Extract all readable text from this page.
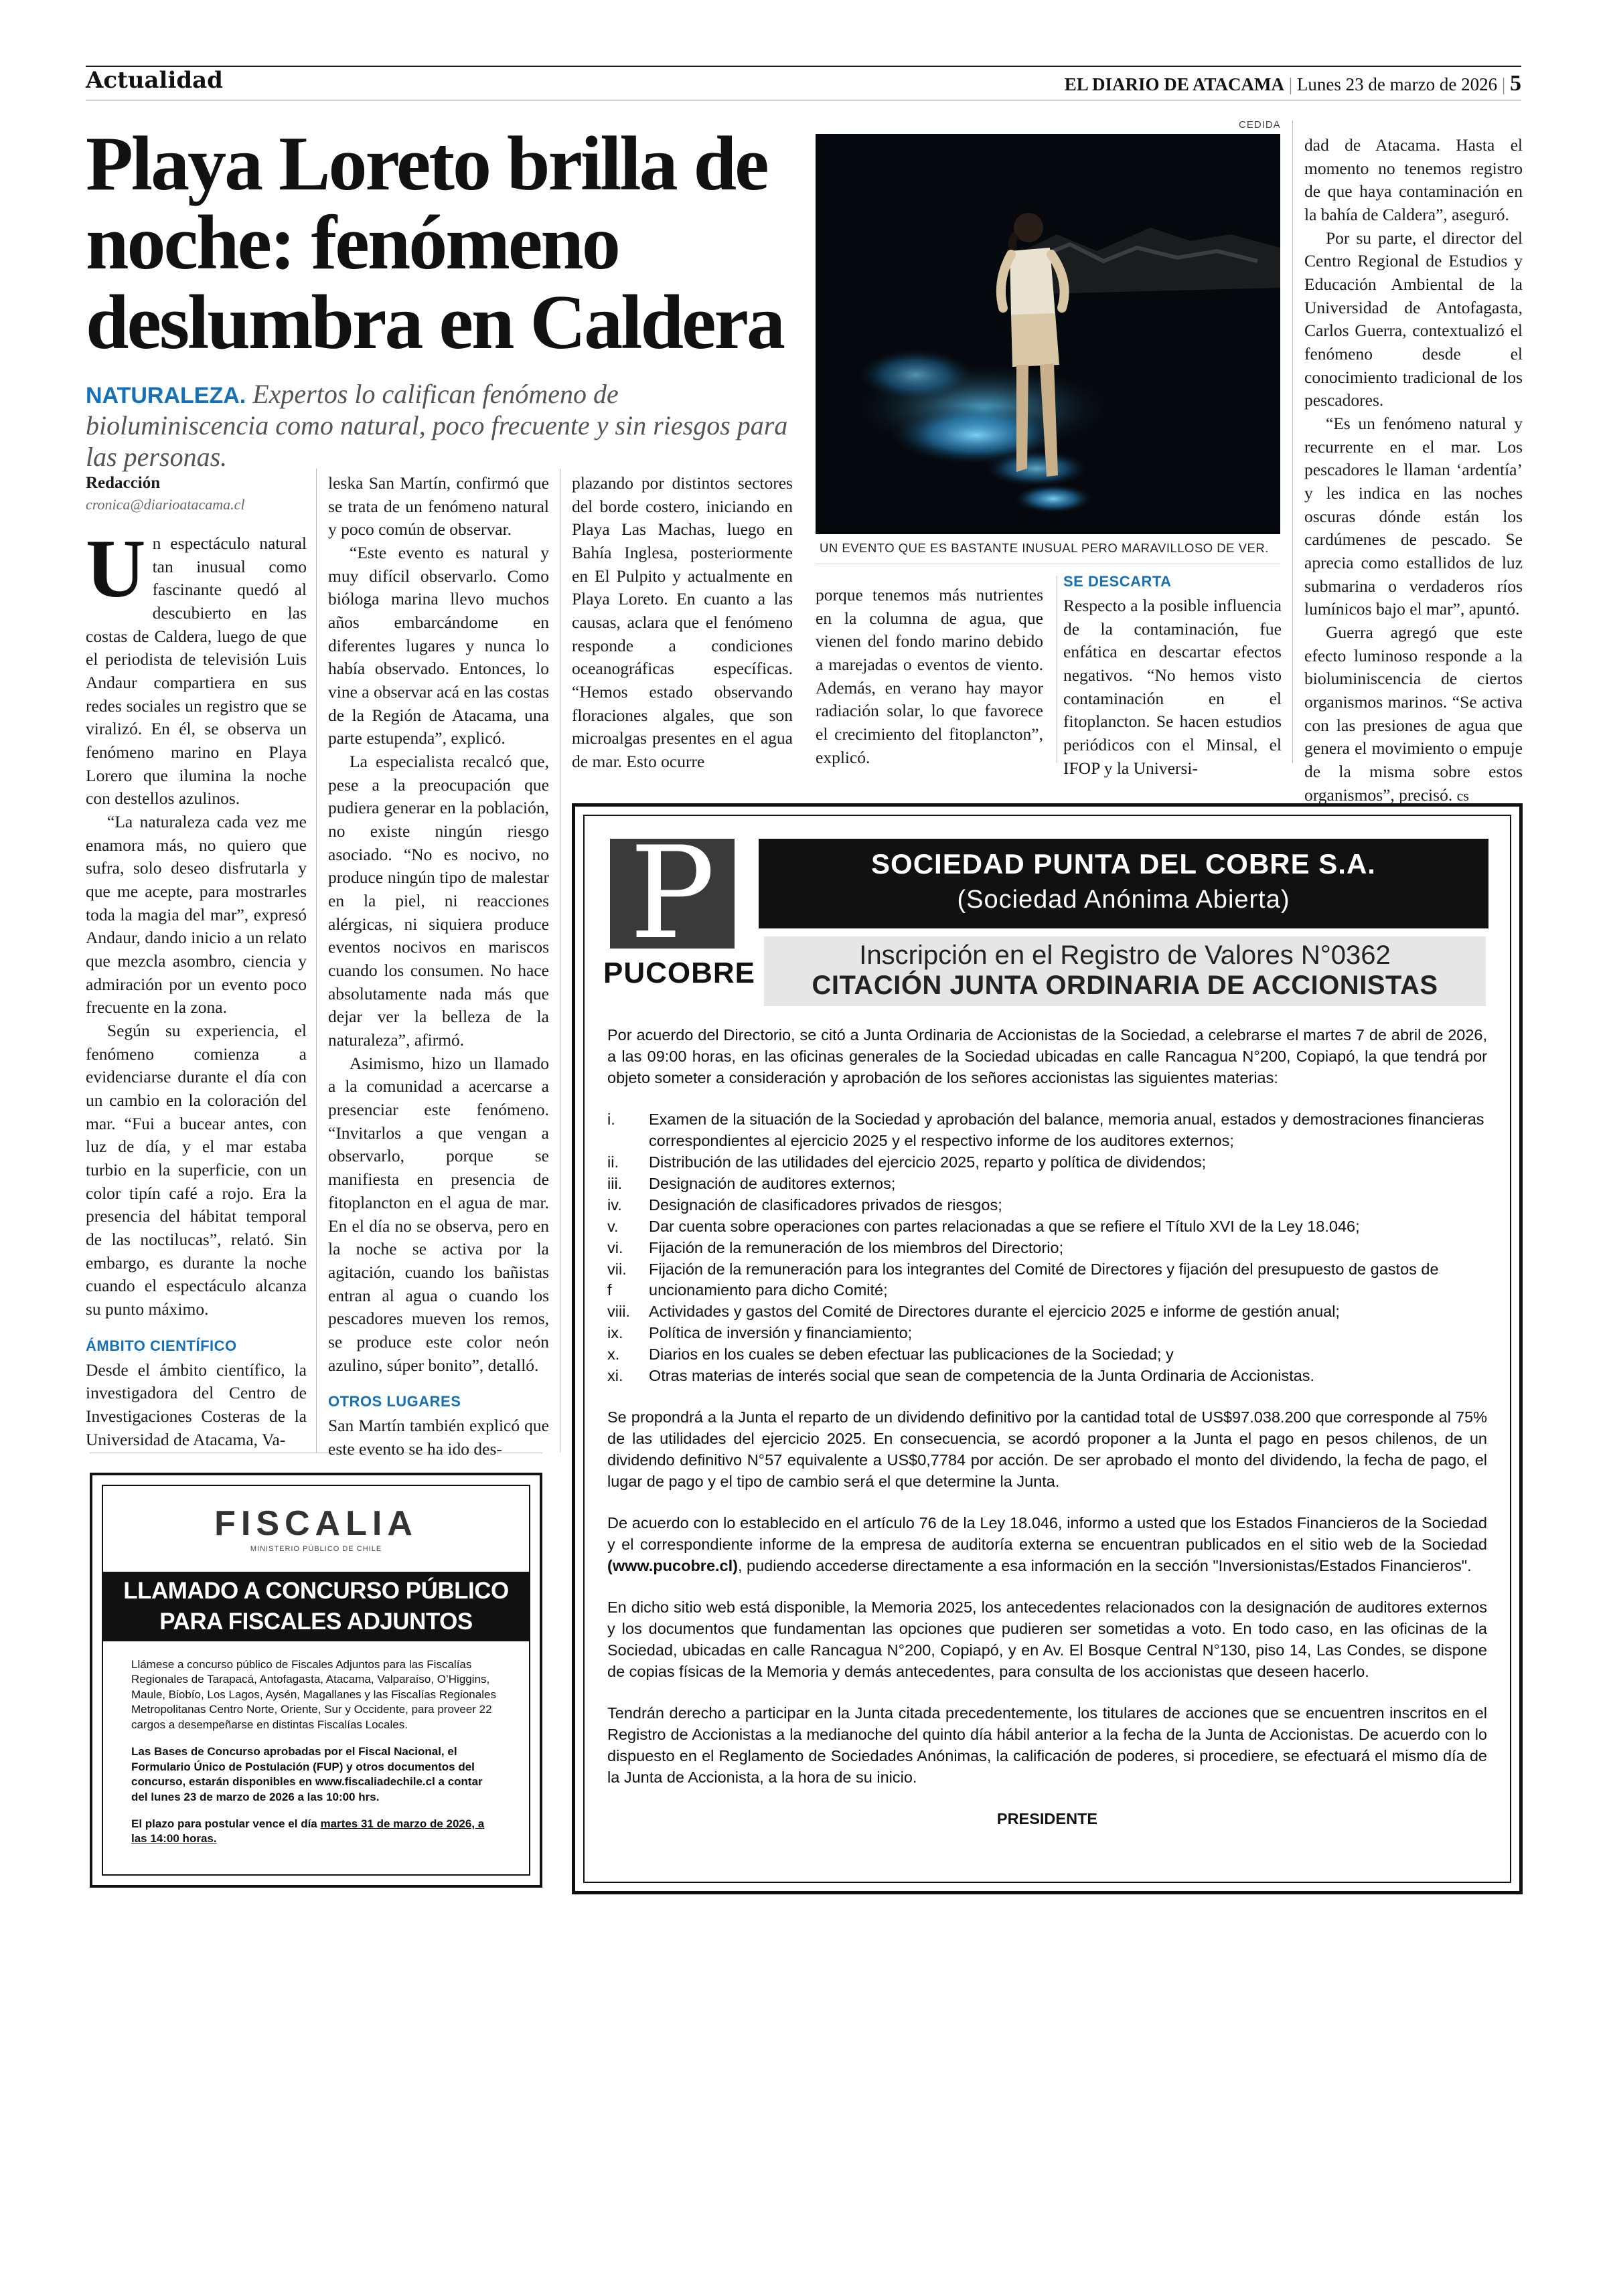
Actualidad	EL DIARIO DE ATACAMA | Lunes 23 de marzo de 2026 | 5
Playa Loreto brilla de noche: fenómeno deslumbra en Caldera
NATURALEZA. Expertos lo califican fenómeno de bioluminiscencia como natural, poco frecuente y sin riesgos para las personas.
CEDIDA
UN EVENTO QUE ES BASTANTE INUSUAL PERO MARAVILLOSO DE VER.
Redacción
cronica@diarioatacama.cl

Un espectáculo natural tan inusual como fascinante quedó al descubierto en las costas de Caldera, luego de que el periodista de televisión Luis Andaur compartiera en sus redes sociales un registro que se viralizó. En él, se observa un fenómeno marino en Playa Lorero que ilumina la noche con destellos azulinos.

“La naturaleza cada vez me enamora más, no quiero que sufra, solo deseo disfrutarla y que me acepte, para mostrarles toda la magia del mar”, expresó Andaur, dando inicio a un relato que mezcla asombro, ciencia y admiración por un evento poco frecuente en la zona.

Según su experiencia, el fenómeno comienza a evidenciarse durante el día con un cambio en la coloración del mar. “Fui a bucear antes, con luz de día, y el mar estaba turbio en la superficie, con un color tipín café a rojo. Era la presencia del hábitat temporal de las noctilucas”, relató. Sin embargo, es durante la noche cuando el espectáculo alcanza su punto máximo.

ÁMBITO CIENTÍFICO

Desde el ámbito científico, la investigadora del Centro de Investigaciones Costeras de la Universidad de Atacama, Va-

leska San Martín, confirmó que se trata de un fenómeno natural y poco común de observar.

“Este evento es natural y muy difícil observarlo. Como bióloga marina llevo muchos años embarcándome en diferentes lugares y nunca lo había observado. Entonces, lo vine a observar acá en las costas de la Región de Atacama, una parte estupenda”, explicó.

La especialista recalcó que, pese a la preocupación que pudiera generar en la población, no existe ningún riesgo asociado. “No es nocivo, no produce ningún tipo de malestar en la piel, ni reacciones alérgicas, ni siquiera produce eventos nocivos en mariscos cuando los consumen. No hace absolutamente nada más que dejar ver la belleza de la naturaleza”, afirmó.

Asimismo, hizo un llamado a la comunidad a acercarse a presenciar este fenómeno. “Invitarlos a que vengan a observarlo, porque se manifiesta en presencia de fitoplancton en el agua de mar. En el día no se observa, pero en la noche se activa por la agitación, cuando los bañistas entran al agua o cuando los pescadores mueven los remos, se produce este color neón azulino, súper bonito”, detalló.

OTROS LUGARES

San Martín también explicó que este evento se ha ido des-

plazando por distintos sectores del borde costero, iniciando en Playa Las Machas, luego en Bahía Inglesa, posteriormente en El Pulpito y actualmente en Playa Loreto. En cuanto a las causas, aclara que el fenómeno responde a condiciones oceanográficas específicas. “Hemos estado observando floraciones algales, que son microalgas presentes en el agua de mar. Esto ocurre

porque tenemos más nutrientes en la columna de agua, que vienen del fondo marino debido a marejadas o eventos de viento. Además, en verano hay mayor radiación solar, lo que favorece el crecimiento del fitoplancton”, explicó.

SE DESCARTA

Respecto a la posible influencia de la contaminación, fue enfática en descartar efectos negativos. “No hemos visto contaminación en el fitoplancton. Se hacen estudios periódicos con el Minsal, el IFOP y la Universi-

dad de Atacama. Hasta el momento no tenemos registro de que haya contaminación en la bahía de Caldera”, aseguró.

Por su parte, el director del Centro Regional de Estudios y Educación Ambiental de la Universidad de Antofagasta, Carlos Guerra, contextualizó el fenómeno desde el conocimiento tradicional de los pescadores.

“Es un fenómeno natural y recurrente en el mar. Los pescadores le llaman ‘ardentía’ y les indica en las noches oscuras dónde están los cardúmenes de pescado. Se aprecia como estallidos de luz submarina o verdaderos ríos lumínicos bajo el mar”, apuntó.

Guerra agregó que este efecto luminoso responde a la bioluminiscencia de ciertos organismos marinos. “Se activa con las presiones de agua que genera el movimiento o empuje de la misma sobre estos organismos”, precisó. cs

FISCALIA
MINISTERIO PÚBLICO DE CHILE
LLAMADO A CONCURSO PÚBLICO
PARA FISCALES ADJUNTOS

Llámese a concurso público de Fiscales Adjuntos para las Fiscalías Regionales de Tarapacá, Antofagasta, Atacama, Valparaíso, O’Higgins, Maule, Biobío, Los Lagos, Aysén, Magallanes y las Fiscalías Regionales Metropolitanas Centro Norte, Oriente, Sur y Occidente, para proveer 22 cargos a desempeñarse en distintas Fiscalías Locales.

Las Bases de Concurso aprobadas por el Fiscal Nacional, el Formulario Único de Postulación (FUP) y otros documentos del concurso, estarán disponibles en www.fiscaliadechile.cl a contar del lunes 23 de marzo de 2026 a las 10:00 hrs.

El plazo para postular vence el día martes 31 de marzo de 2026, a las 14:00 horas.

P
PUCOBRE
SOCIEDAD PUNTA DEL COBRE S.A.
(Sociedad Anónima Abierta)
Inscripción en el Registro de Valores N°0362
CITACIÓN JUNTA ORDINARIA DE ACCIONISTAS

Por acuerdo del Directorio, se citó a Junta Ordinaria de Accionistas de la Sociedad, a celebrarse el martes 7 de abril de 2026, a las 09:00 horas, en las oficinas generales de la Sociedad ubicadas en calle Rancagua N°200, Copiapó, la que tendrá por objeto someter a consideración y aprobación de los señores accionistas las siguientes materias:

i.	Examen de la situación de la Sociedad y aprobación del balance, memoria anual, estados y demostraciones financieras correspondientes al ejercicio 2025 y el respectivo informe de los auditores externos;
ii.	Distribución de las utilidades del ejercicio 2025, reparto y política de dividendos;
iii.	Designación de auditores externos;
iv.	Designación de clasificadores privados de riesgos;
v.	Dar cuenta sobre operaciones con partes relacionadas a que se refiere el Título XVI de la Ley 18.046;
vi.	Fijación de la remuneración de los miembros del Directorio;
vii.	Fijación de la remuneración para los integrantes del Comité de Directores y fijación del presupuesto de gastos de
f	uncionamiento para dicho Comité;
viii.	Actividades y gastos del Comité de Directores durante el ejercicio 2025 e informe de gestión anual;
ix.	Política de inversión y financiamiento;
x.	Diarios en los cuales se deben efectuar las publicaciones de la Sociedad; y
xi.	Otras materias de interés social que sean de competencia de la Junta Ordinaria de Accionistas.

Se propondrá a la Junta el reparto de un dividendo definitivo por la cantidad total de US$97.038.200 que corresponde al 75% de las utilidades del ejercicio 2025. En consecuencia, se acordó proponer a la Junta el pago en pesos chilenos, de un dividendo definitivo N°57 equivalente a US$0,7784 por acción. De ser aprobado el monto del dividendo, la fecha de pago, el lugar de pago y el tipo de cambio será el que determine la Junta.

De acuerdo con lo establecido en el artículo 76 de la Ley 18.046, informo a usted que los Estados Financieros de la Sociedad y el correspondiente informe de la empresa de auditoría externa se encuentran publicados en el sitio web de la Sociedad (www.pucobre.cl), pudiendo accederse directamente a esa información en la sección "Inversionistas/Estados Financieros".

En dicho sitio web está disponible, la Memoria 2025, los antecedentes relacionados con la designación de auditores externos y los documentos que fundamentan las opciones que pudieren ser sometidas a voto. En todo caso, en las oficinas de la Sociedad, ubicadas en calle Rancagua N°200, Copiapó, y en Av. El Bosque Central N°130, piso 14, Las Condes, se dispone de copias físicas de la Memoria y demás antecedentes, para consulta de los accionistas que deseen hacerlo.

Tendrán derecho a participar en la Junta citada precedentemente, los titulares de acciones que se encuentren inscritos en el Registro de Accionistas a la medianoche del quinto día hábil anterior a la fecha de la Junta de Accionistas. De acuerdo con lo dispuesto en el Reglamento de Sociedades Anónimas, la calificación de poderes, si procediere, se efectuará el mismo día de la Junta de Accionista, a la hora de su inicio.

PRESIDENTE
